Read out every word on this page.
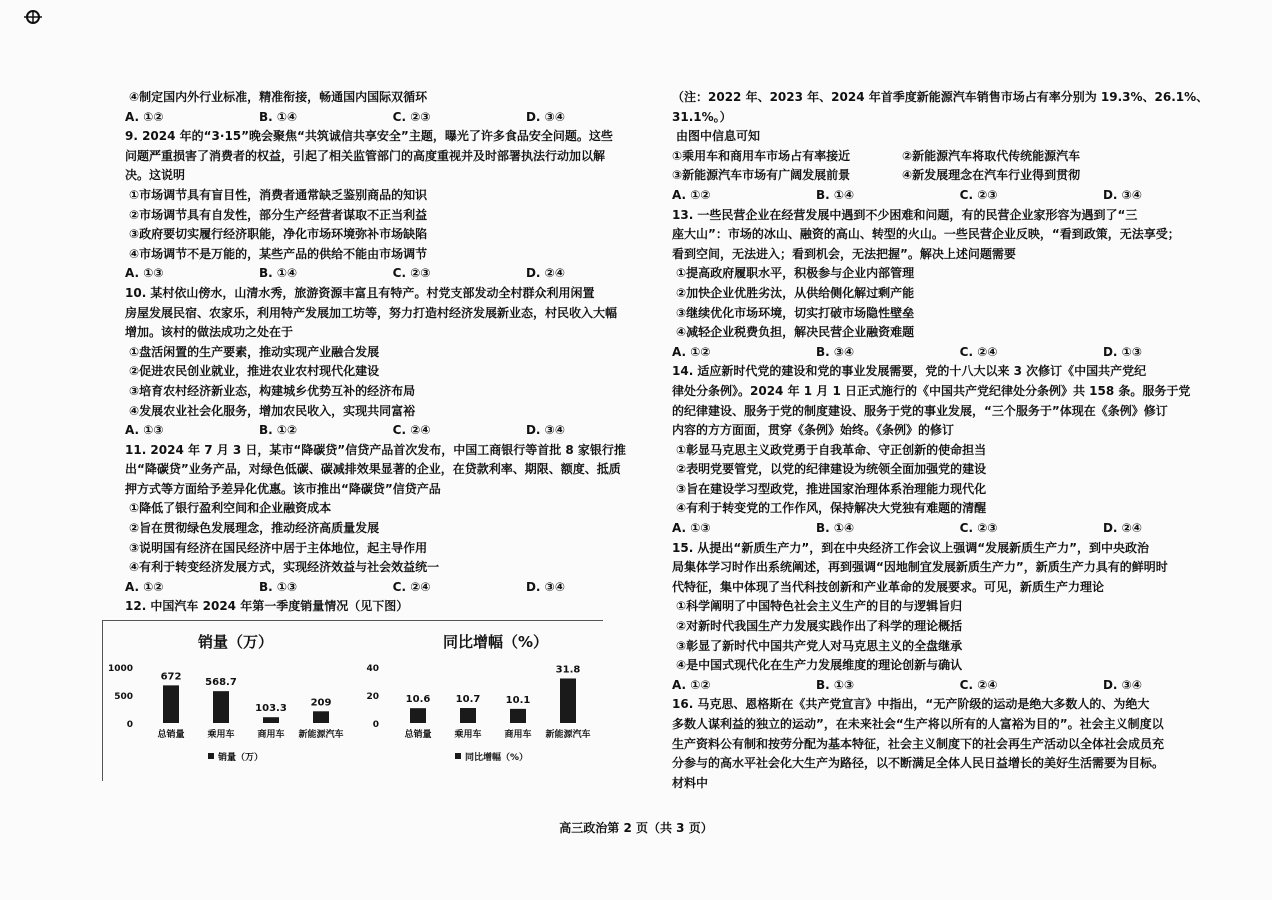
④制定国内外行业标准，精准衔接，畅通国内国际双循环

A. ①②	B. ①④	C. ②③	D. ③④

9. 2024 年的“3·15”晚会聚焦“共筑诚信共享安全”主题，曝光了许多食品安全问题。这些

问题严重损害了消费者的权益，引起了相关监管部门的高度重视并及时部署执法行动加以解

决。这说明

①市场调节具有盲目性，消费者通常缺乏鉴别商品的知识

②市场调节具有自发性，部分生产经营者谋取不正当利益

③政府要切实履行经济职能，净化市场环境弥补市场缺陷

④市场调节不是万能的，某些产品的供给不能由市场调节

A. ①③	B. ①④	C. ②③	D. ②④

10. 某村依山傍水，山清水秀，旅游资源丰富且有特产。村党支部发动全村群众利用闲置

房屋发展民宿、农家乐，利用特产发展加工坊等，努力打造村经济发展新业态，村民收入大幅

增加。该村的做法成功之处在于

①盘活闲置的生产要素，推动实现产业融合发展

②促进农民创业就业，推进农业农村现代化建设

③培育农村经济新业态，构建城乡优势互补的经济布局

④发展农业社会化服务，增加农民收入，实现共同富裕

A. ①③	B. ①②	C. ②④	D. ③④

11. 2024 年 7 月 3 日，某市“降碳贷”信贷产品首次发布，中国工商银行等首批 8 家银行推

出“降碳贷”业务产品，对绿色低碳、碳减排效果显著的企业，在贷款利率、期限、额度、抵质

押方式等方面给予差异化优惠。该市推出“降碳贷”信贷产品

①降低了银行盈利空间和企业融资成本

②旨在贯彻绿色发展理念，推动经济高质量发展

③说明国有经济在国民经济中居于主体地位，起主导作用

④有利于转变经济发展方式，实现经济效益与社会效益统一

A. ①②	B. ①③	C. ②④	D. ③④

12. 中国汽车 2024 年第一季度销量情况（见下图）

销量（万）
1000
500
0
672
总销量
568.7
乘用车
103.3
商用车
209
新能源汽车
销量（万）
同比增幅（%）
40
20
0
10.6
总销量
10.7
乘用车
10.1
商用车
31.8
新能源汽车
同比增幅（%）

（注：2022 年、2023 年、2024 年首季度新能源汽车销售市场占有率分别为 19.3%、26.1%、

31.1%。）

由图中信息可知

①乘用车和商用车市场占有率接近	②新能源汽车将取代传统能源汽车
③新能源汽车市场有广阔发展前景	④新发展理念在汽车行业得到贯彻
A. ①②	B. ①④	C. ②③	D. ③④

13. 一些民营企业在经营发展中遇到不少困难和问题，有的民营企业家形容为遇到了“三

座大山”：市场的冰山、融资的高山、转型的火山。一些民营企业反映，“看到政策，无法享受；

看到空间，无法进入；看到机会，无法把握”。解决上述问题需要

①提高政府履职水平，积极参与企业内部管理

②加快企业优胜劣汰，从供给侧化解过剩产能

③继续优化市场环境，切实打破市场隐性壁垒

④减轻企业税费负担，解决民营企业融资难题

A. ①②	B. ③④	C. ②④	D. ①③

14. 适应新时代党的建设和党的事业发展需要，党的十八大以来 3 次修订《中国共产党纪

律处分条例》。2024 年 1 月 1 日正式施行的《中国共产党纪律处分条例》共 158 条。服务于党

的纪律建设、服务于党的制度建设、服务于党的事业发展，“三个服务于”体现在《条例》修订

内容的方方面面，贯穿《条例》始终。《条例》的修订

①彰显马克思主义政党勇于自我革命、守正创新的使命担当

②表明党要管党，以党的纪律建设为统领全面加强党的建设

③旨在建设学习型政党，推进国家治理体系治理能力现代化

④有利于转变党的工作作风，保持解决大党独有难题的清醒

A. ①③	B. ①④	C. ②③	D. ②④

15. 从提出“新质生产力”，到在中央经济工作会议上强调“发展新质生产力”，到中央政治

局集体学习时作出系统阐述，再到强调“因地制宜发展新质生产力”，新质生产力具有的鲜明时

代特征，集中体现了当代科技创新和产业革命的发展要求。可见，新质生产力理论

①科学阐明了中国特色社会主义生产的目的与逻辑旨归

②对新时代我国生产力发展实践作出了科学的理论概括

③彰显了新时代中国共产党人对马克思主义的全盘继承

④是中国式现代化在生产力发展维度的理论创新与确认

A. ①②	B. ①③	C. ②④	D. ③④

16. 马克思、恩格斯在《共产党宣言》中指出，“无产阶级的运动是绝大多数人的、为绝大

多数人谋利益的独立的运动”，在未来社会“生产将以所有的人富裕为目的”。社会主义制度以

生产资料公有制和按劳分配为基本特征，社会主义制度下的社会再生产活动以全体社会成员充

分参与的高水平社会化大生产为路径，以不断满足全体人民日益增长的美好生活需要为目标。

材料中

高三政治第 2 页（共 3 页）
